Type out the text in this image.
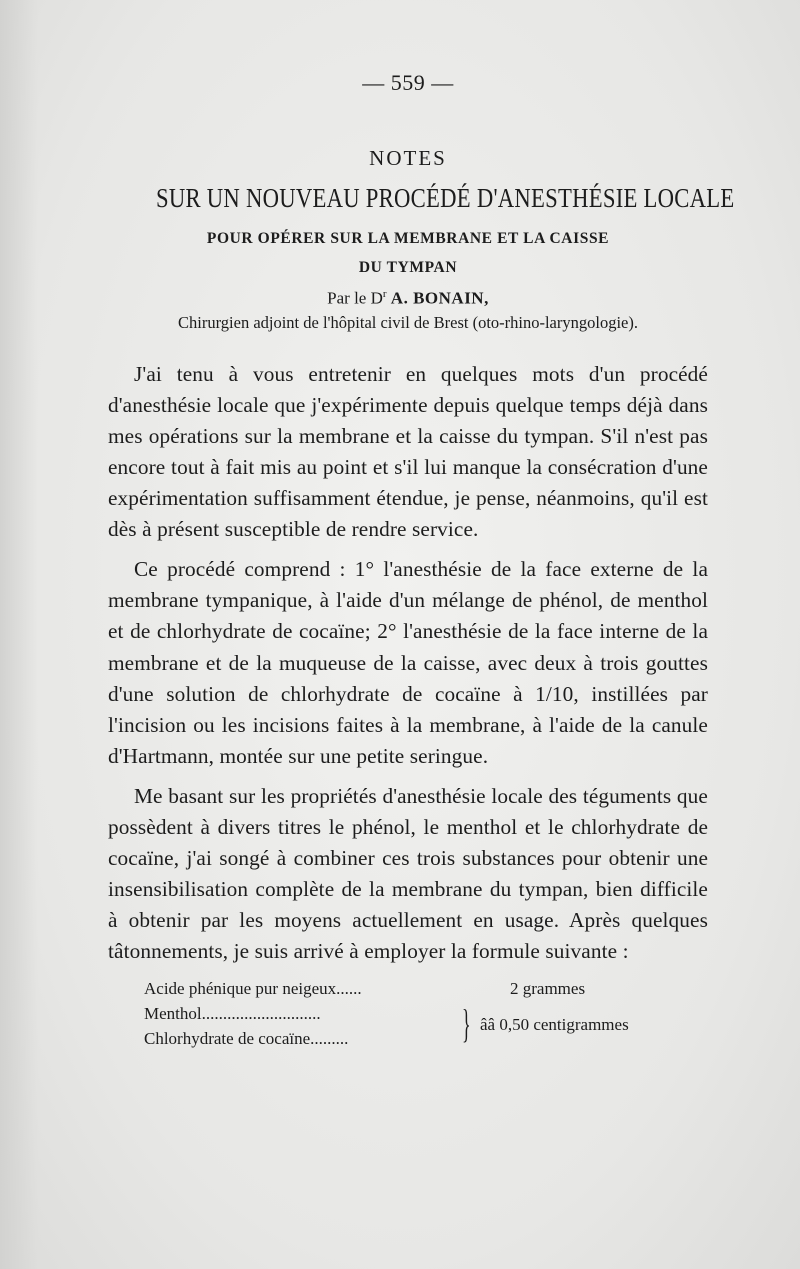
— 559 —
NOTES
SUR UN NOUVEAU PROCÉDÉ D'ANESTHÉSIE LOCALE
POUR OPÉRER SUR LA MEMBRANE ET LA CAISSE
DU TYMPAN
Par le $D^r$ A. BONAIN,
Chirurgien adjoint de l'hôpital civil de Brest (oto-rhino-laryngologie).

J'ai tenu à vous entretenir en quelques mots d'un procédé d'anesthésie locale que j'expérimente depuis quelque temps déjà dans mes opérations sur la membrane et la caisse du tympan. S'il n'est pas encore tout à fait mis au point et s'il lui manque la consécration d'une expérimentation suffisamment étendue, je pense, néanmoins, qu'il est dès à présent susceptible de rendre service.

Ce procédé comprend : 1° l'anesthésie de la face externe de la membrane tympanique, à l'aide d'un mélange de phénol, de menthol et de chlorhydrate de cocaïne; 2° l'anesthésie de la face interne de la membrane et de la muqueuse de la caisse, avec deux à trois gouttes d'une solution de chlorhydrate de cocaïne à 1/10, instillées par l'incision ou les incisions faites à la membrane, à l'aide de la canule d'Hartmann, montée sur une petite seringue.

Me basant sur les propriétés d'anesthésie locale des téguments que possèdent à divers titres le phénol, le menthol et le chlorhydrate de cocaïne, j'ai songé à combiner ces trois substances pour obtenir une insensibilisation complète de la membrane du tympan, bien difficile à obtenir par les moyens actuellement en usage. Après quelques tâtonnements, je suis arrivé à employer la formule suivante :

Acide phénique pur neigeux......	2 grammes
Menthol............................
Chlorhydrate de cocaïne.........	} ââ 0,50 centigrammes
